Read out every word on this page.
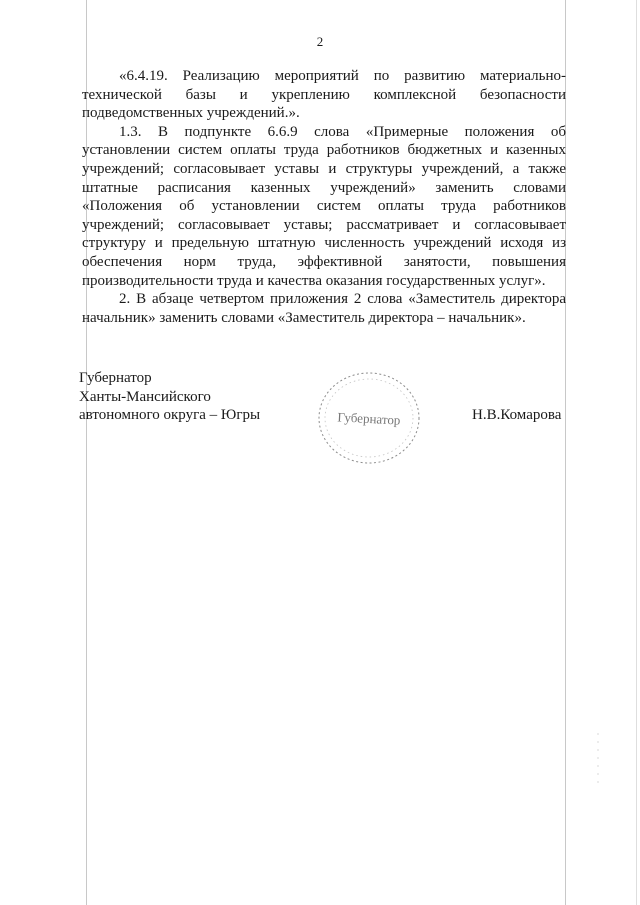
2

«6.4.19. Реализацию мероприятий по развитию материально-технической базы и укреплению комплексной безопасности подведомственных учреждений.».

1.3. В подпункте 6.6.9 слова «Примерные положения об установлении систем оплаты труда работников бюджетных и казенных учреждений; согласовывает уставы и структуры учреждений, а также штатные расписания казенных учреждений» заменить словами «Положения об установлении систем оплаты труда работников учреждений; согласовывает уставы; рассматривает и согласовывает структуру и предельную штатную численность учреждений исходя из обеспечения норм труда, эффективной занятости, повышения производительности труда и качества оказания государственных услуг».

2. В абзаце четвертом приложения 2 слова «Заместитель директора начальник» заменить словами «Заместитель директора – начальник».

Губернатор
Ханты-Мансийского
автономного округа – Югры	Губернатор	Н.В.Комарова
